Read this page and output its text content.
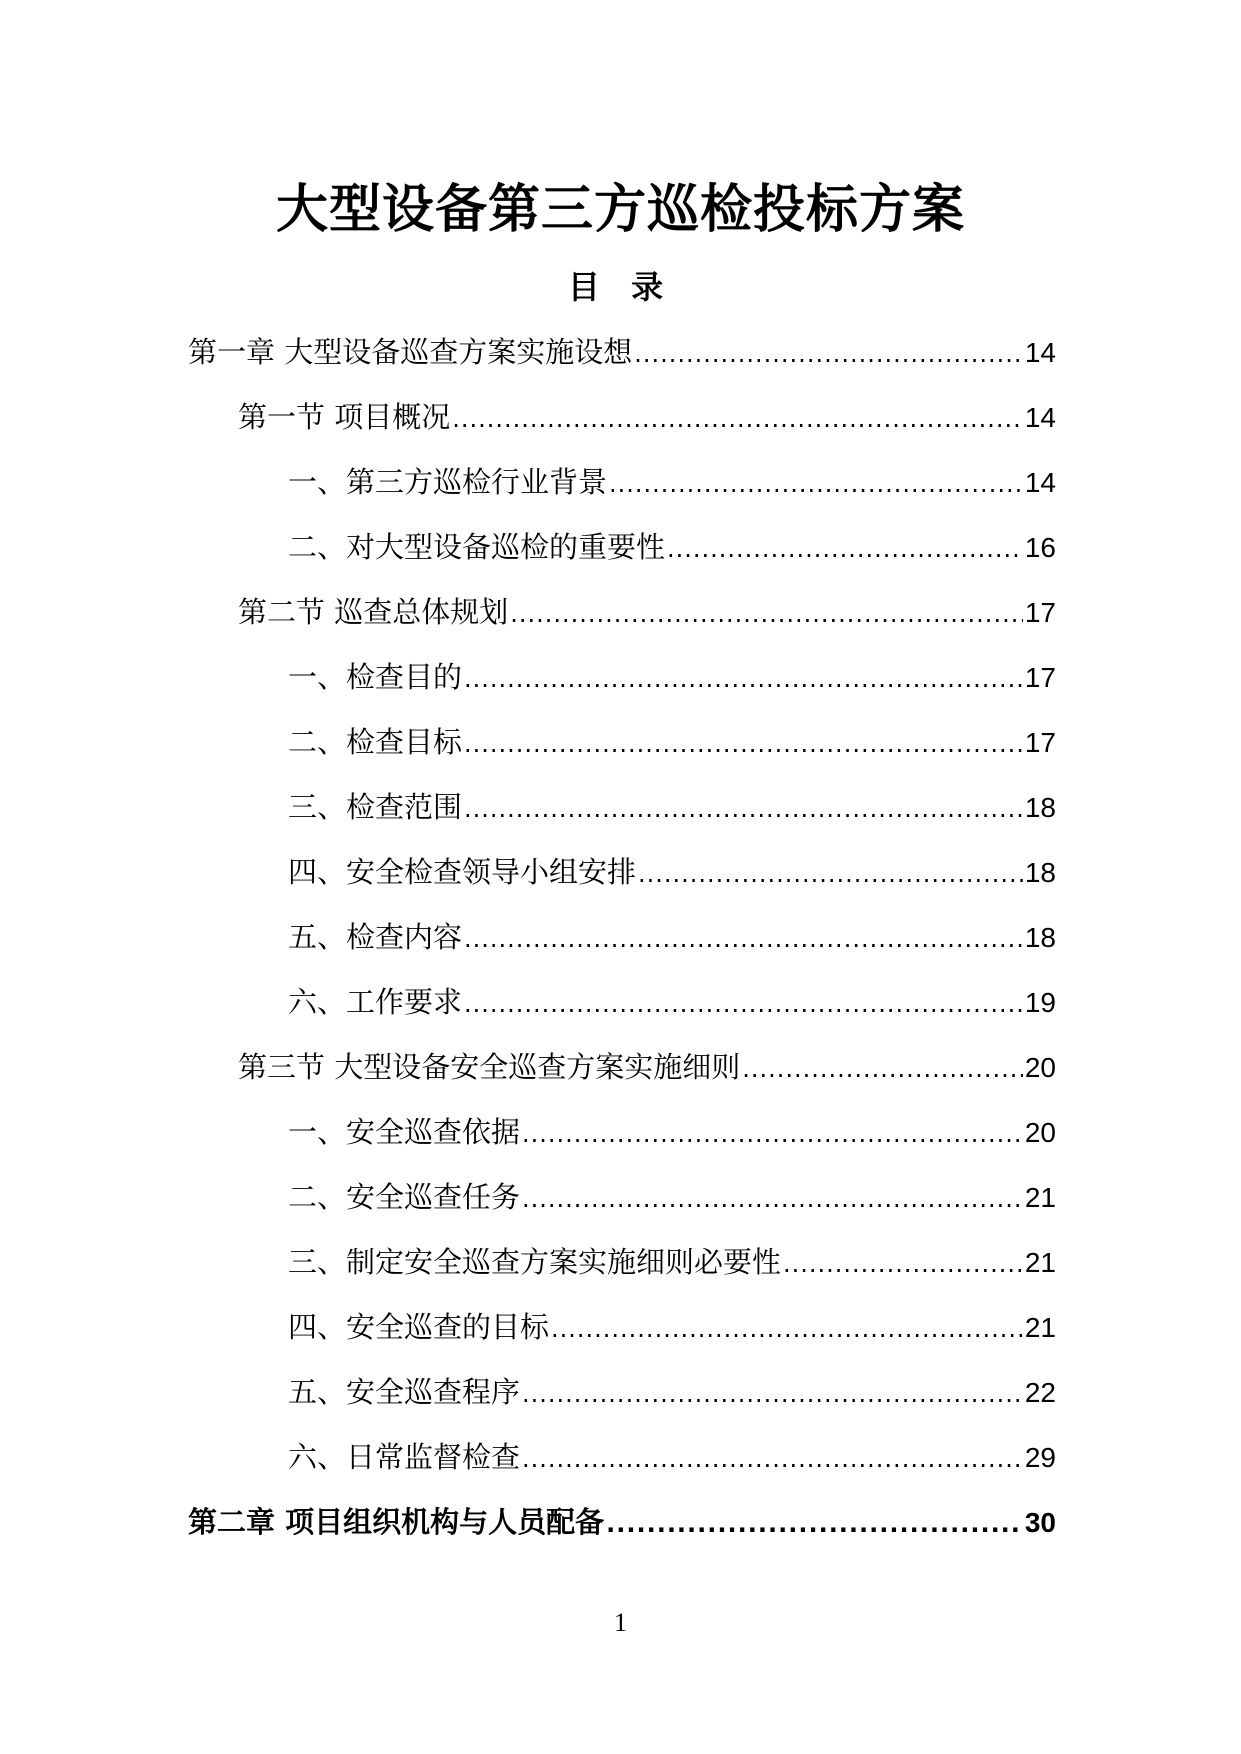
大型设备第三方巡检投标方案
目 录
第一章 大型设备巡查方案实施设想 .....	14
第一节 项目概况 .....	14
一、第三方巡检行业背景 .....	14
二、对大型设备巡检的重要性 .....	16
第二节 巡查总体规划 .....	17
一、检查目的 .....	17
二、检查目标 .....	17
三、检查范围 .....	18
四、安全检查领导小组安排 .....	18
五、检查内容 .....	18
六、工作要求 .....	19
第三节 大型设备安全巡查方案实施细则 .....	20
一、安全巡查依据 .....	20
二、安全巡查任务 .....	21
三、制定安全巡查方案实施细则必要性 .....	21
四、安全巡查的目标 .....	21
五、安全巡查程序 .....	22
六、日常监督检查 .....	29
第二章 项目组织机构与人员配备 .....	30
1
